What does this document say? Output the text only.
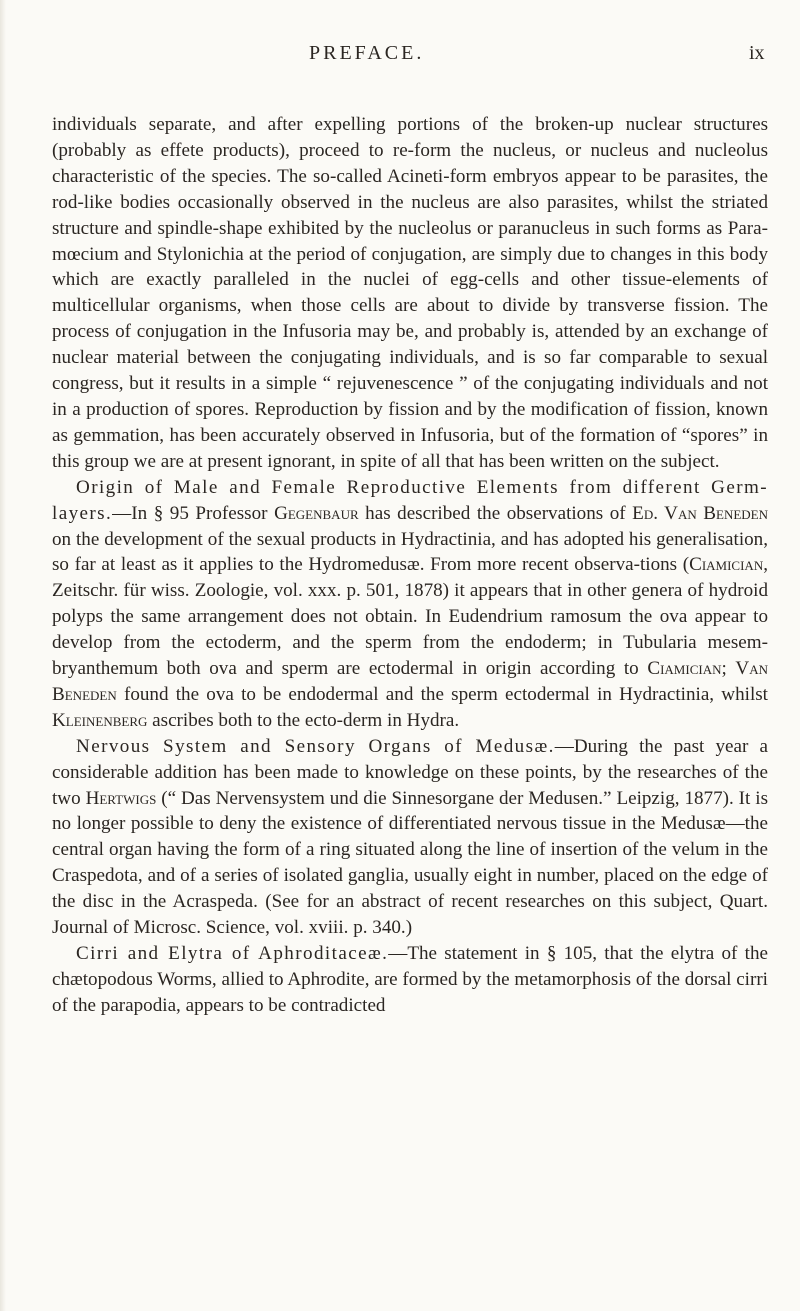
PREFACE.	ix

individuals separate, and after expelling portions of the broken-up nuclear structures (probably as effete products), proceed to re-form the nucleus, or nucleus and nucleolus characteristic of the species. The so-called Acineti-form embryos appear to be parasites, the rod-like bodies occasionally observed in the nucleus are also parasites, whilst the striated structure and spindle-shape exhibited by the nucleolus or paranucleus in such forms as Para-mœcium and Stylonichia at the period of conjugation, are simply due to changes in this body which are exactly paralleled in the nuclei of egg-cells and other tissue-elements of multicellular organisms, when those cells are about to divide by transverse fission. The process of conjugation in the Infusoria may be, and probably is, attended by an exchange of nuclear material between the conjugating individuals, and is so far comparable to sexual congress, but it results in a simple “ rejuvenescence ” of the conjugating individuals and not in a production of spores. Reproduction by fission and by the modification of fission, known as gemmation, has been accurately observed in Infusoria, but of the formation of “spores” in this group we are at present ignorant, in spite of all that has been written on the subject.

Origin of Male and Female Reproductive Elements from different Germ-layers.—In § 95 Professor Gegenbaur has described the observations of Ed. Van Beneden on the development of the sexual products in Hydractinia, and has adopted his generalisation, so far at least as it applies to the Hydromedusæ. From more recent observa-tions (Ciamician, Zeitschr. für wiss. Zoologie, vol. xxx. p. 501, 1878) it appears that in other genera of hydroid polyps the same arrangement does not obtain. In Eudendrium ramosum the ova appear to develop from the ectoderm, and the sperm from the endoderm; in Tubularia mesem-bryanthemum both ova and sperm are ectodermal in origin according to Ciamician; Van Beneden found the ova to be endodermal and the sperm ectodermal in Hydractinia, whilst Kleinenberg ascribes both to the ecto-derm in Hydra.

Nervous System and Sensory Organs of Medusæ.—During the past year a considerable addition has been made to knowledge on these points, by the researches of the two Hertwigs (“ Das Nervensystem und die Sinnesorgane der Medusen.” Leipzig, 1877). It is no longer possible to deny the existence of differentiated nervous tissue in the Medusæ—the central organ having the form of a ring situated along the line of insertion of the velum in the Craspedota, and of a series of isolated ganglia, usually eight in number, placed on the edge of the disc in the Acraspeda. (See for an abstract of recent researches on this subject, Quart. Journal of Microsc. Science, vol. xviii. p. 340.)

Cirri and Elytra of Aphroditaceæ.—The statement in § 105, that the elytra of the chætopodous Worms, allied to Aphrodite, are formed by the metamorphosis of the dorsal cirri of the parapodia, appears to be contradicted
